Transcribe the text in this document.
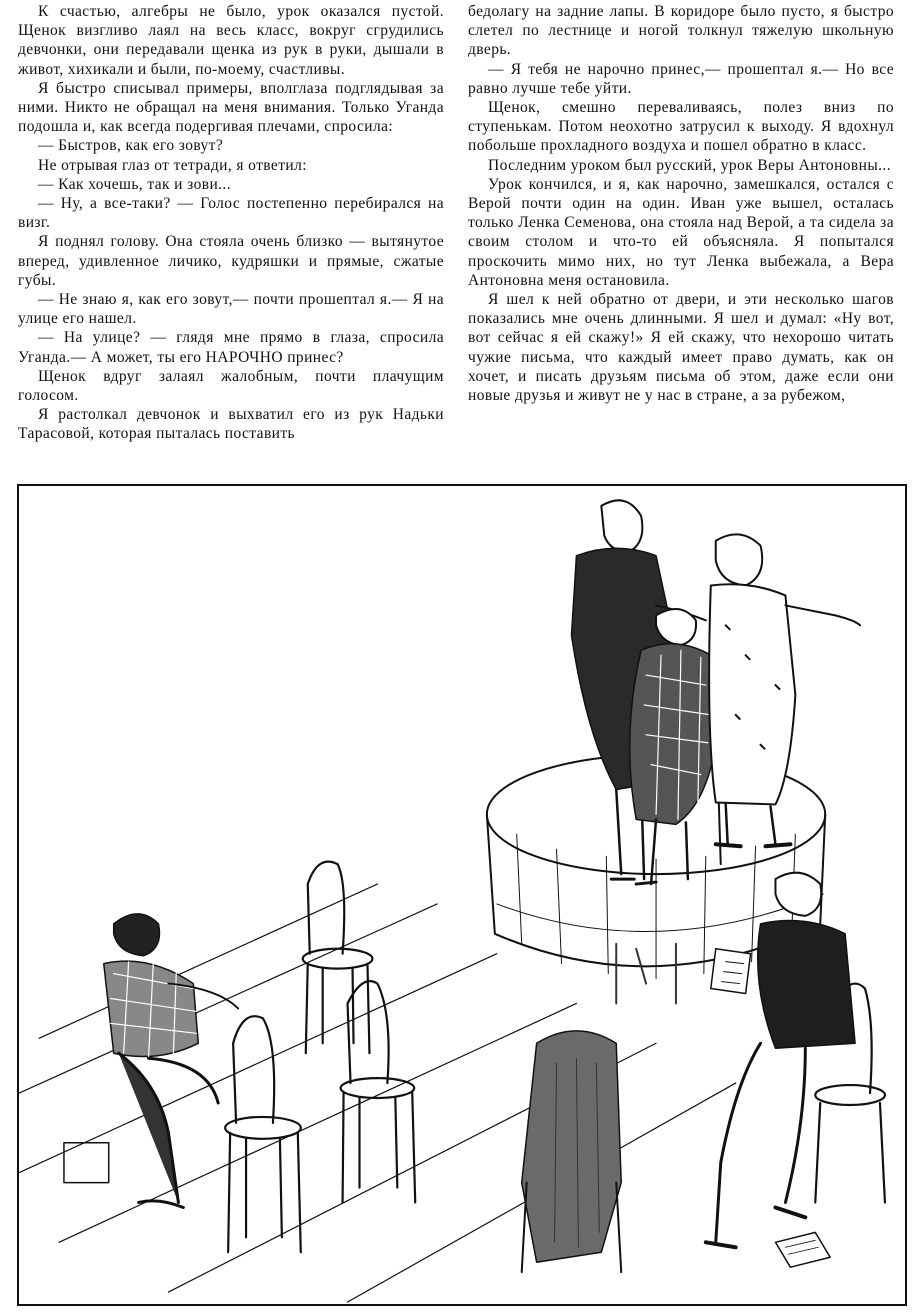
К счастью, алгебры не было, урок оказался пустой. Щенок визгливо лаял на весь класс, вокруг сгрудились девчонки, они передавали щенка из рук в руки, дышали в живот, хихикали и были, по-моему, счастливы.

Я быстро списывал примеры, вполглаза подглядывая за ними. Никто не обращал на меня внимания. Только Уганда подошла и, как всегда подергивая плечами, спросила:

— Быстров, как его зовут?

Не отрывая глаз от тетради, я ответил:

— Как хочешь, так и зови...

— Ну, а все-таки? — Голос постепенно перебирался на визг.

Я поднял голову. Она стояла очень близко — вытянутое вперед, удивленное личико, кудряшки и прямые, сжатые губы.

— Не знаю я, как его зовут,— почти прошептал я.— Я на улице его нашел.

— На улице? — глядя мне прямо в глаза, спросила Уганда.— А может, ты его НАРОЧНО принес?

Щенок вдруг залаял жалобным, почти плачущим голосом.

Я растолкал девчонок и выхватил его из рук Надьки Тарасовой, которая пыталась поставить

бедолагу на задние лапы. В коридоре было пусто, я быстро слетел по лестнице и ногой толкнул тяжелую школьную дверь.

— Я тебя не нарочно принес,— прошептал я.— Но все равно лучше тебе уйти.

Щенок, смешно переваливаясь, полез вниз по ступенькам. Потом неохотно затрусил к выходу. Я вдохнул побольше прохладного воздуха и пошел обратно в класс.

Последним уроком был русский, урок Веры Антоновны...

Урок кончился, и я, как нарочно, замешкался, остался с Верой почти один на один. Иван уже вышел, осталась только Ленка Семенова, она стояла над Верой, а та сидела за своим столом и что-то ей объясняла. Я попытался проскочить мимо них, но тут Ленка выбежала, а Вера Антоновна меня остановила.

Я шел к ней обратно от двери, и эти несколько шагов показались мне очень длинными. Я шел и думал: «Ну вот, вот сейчас я ей скажу!» Я ей скажу, что нехорошо читать чужие письма, что каждый имеет право думать, как он хочет, и писать друзьям письма об этом, даже если они новые друзья и живут не у нас в стране, а за рубежом,
